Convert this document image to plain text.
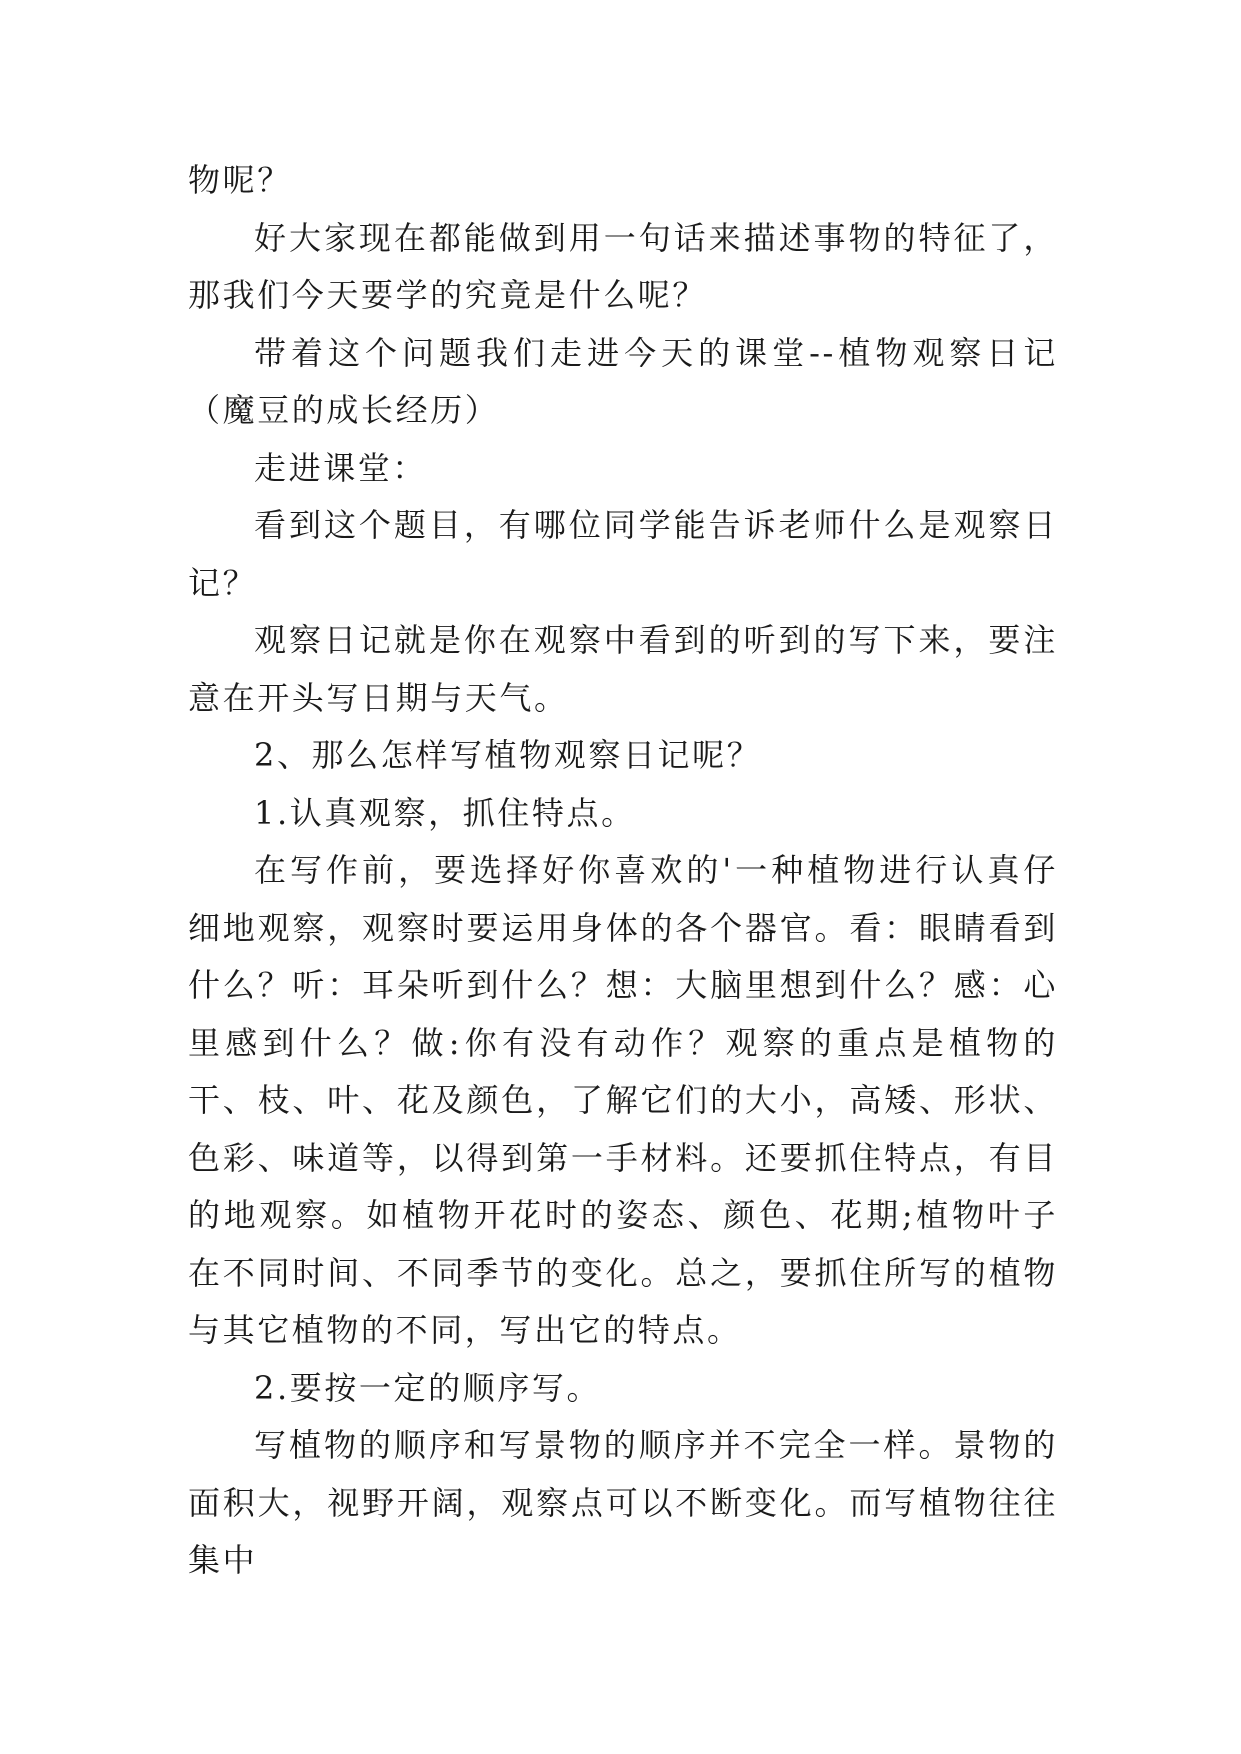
物呢？

好大家现在都能做到用一句话来描述事物的特征了，那我们今天要学的究竟是什么呢？

带着这个问题我们走进今天的课堂--植物观察日记（魔豆的成长经历）

走进课堂：

看到这个题目，有哪位同学能告诉老师什么是观察日记？

观察日记就是你在观察中看到的听到的写下来，要注意在开头写日期与天气。

2、那么怎样写植物观察日记呢？

1.认真观察，抓住特点。

在写作前，要选择好你喜欢的'一种植物进行认真仔细地观察，观察时要运用身体的各个器官。看：眼睛看到什么？听：耳朵听到什么？想：大脑里想到什么？感：心里感到什么？做:你有没有动作？观察的重点是植物的干、枝、叶、花及颜色，了解它们的大小，高矮、形状、色彩、味道等，以得到第一手材料。还要抓住特点，有目的地观察。如植物开花时的姿态、颜色、花期;植物叶子在不同时间、不同季节的变化。总之，要抓住所写的植物与其它植物的不同，写出它的特点。

2.要按一定的顺序写。

写植物的顺序和写景物的顺序并不完全一样。景物的面积大，视野开阔，观察点可以不断变化。而写植物往往集中
